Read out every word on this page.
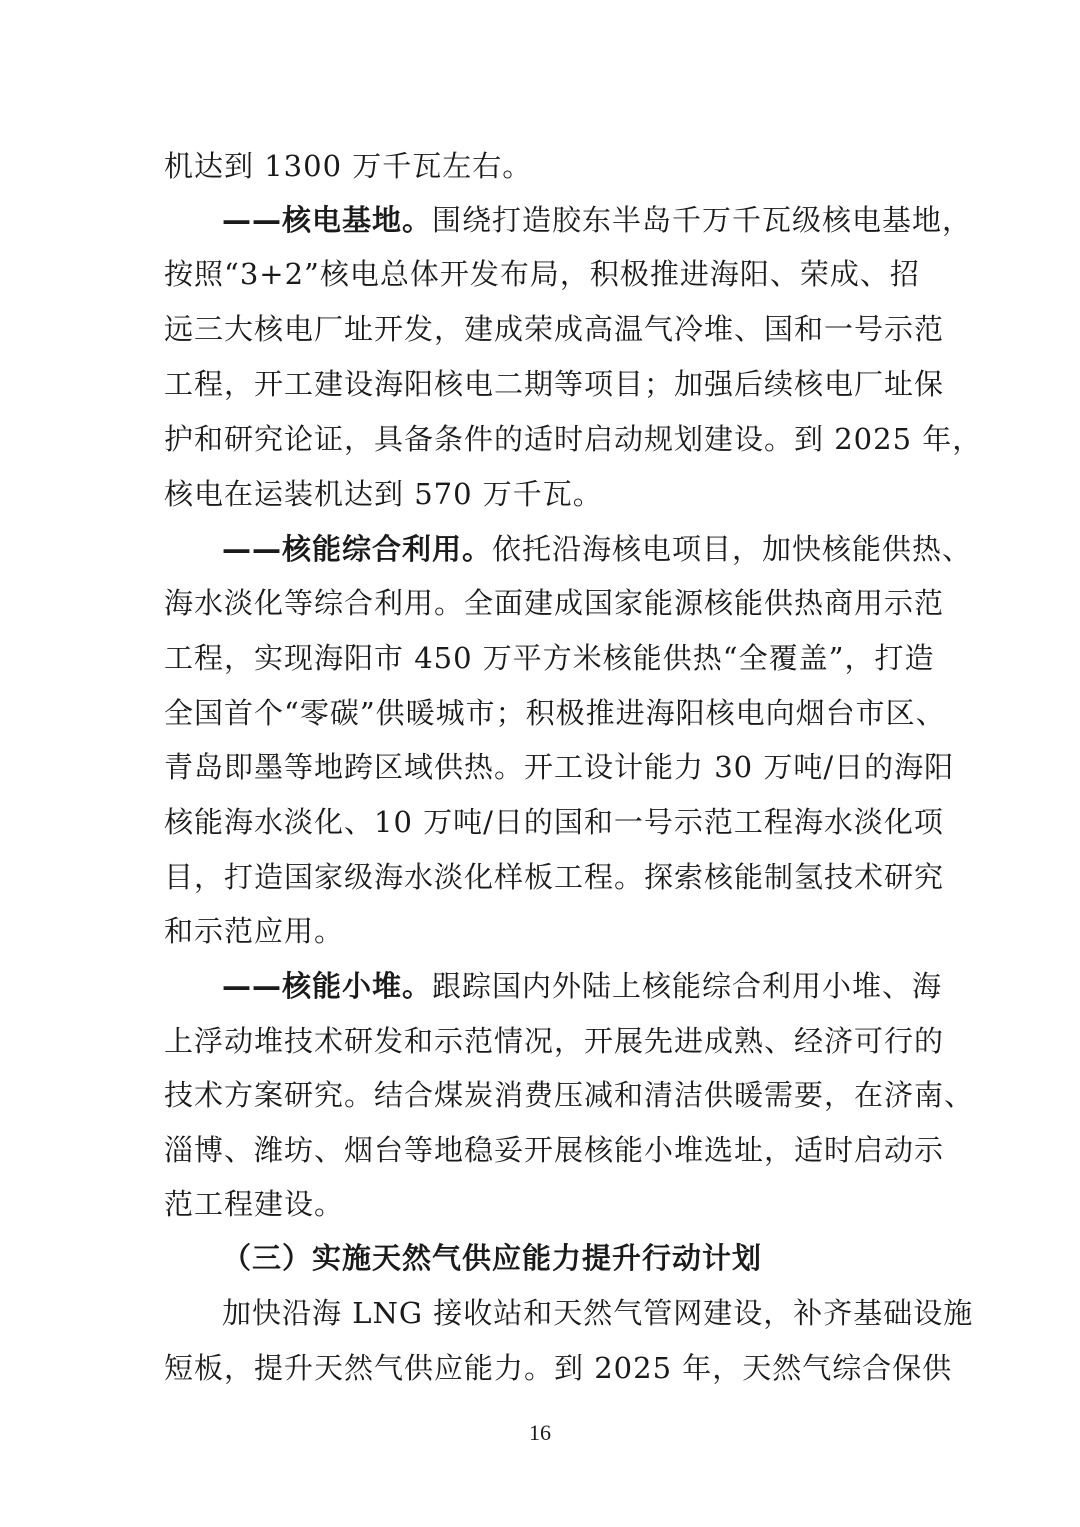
机达到 1300 万千瓦左右。
——核电基地。围绕打造胶东半岛千万千瓦级核电基地，
按照“3+2”核电总体开发布局，积极推进海阳、荣成、招
远三大核电厂址开发，建成荣成高温气冷堆、国和一号示范
工程，开工建设海阳核电二期等项目；加强后续核电厂址保
护和研究论证，具备条件的适时启动规划建设。到 2025 年，
核电在运装机达到 570 万千瓦。
——核能综合利用。依托沿海核电项目，加快核能供热、
海水淡化等综合利用。全面建成国家能源核能供热商用示范
工程，实现海阳市 450 万平方米核能供热“全覆盖”，打造
全国首个“零碳”供暖城市；积极推进海阳核电向烟台市区、
青岛即墨等地跨区域供热。开工设计能力 30 万吨/日的海阳
核能海水淡化、10 万吨/日的国和一号示范工程海水淡化项
目，打造国家级海水淡化样板工程。探索核能制氢技术研究
和示范应用。
——核能小堆。跟踪国内外陆上核能综合利用小堆、海
上浮动堆技术研发和示范情况，开展先进成熟、经济可行的
技术方案研究。结合煤炭消费压减和清洁供暖需要，在济南、
淄博、潍坊、烟台等地稳妥开展核能小堆选址，适时启动示
范工程建设。
（三）实施天然气供应能力提升行动计划
加快沿海 LNG 接收站和天然气管网建设，补齐基础设施
短板，提升天然气供应能力。到 2025 年，天然气综合保供
16
